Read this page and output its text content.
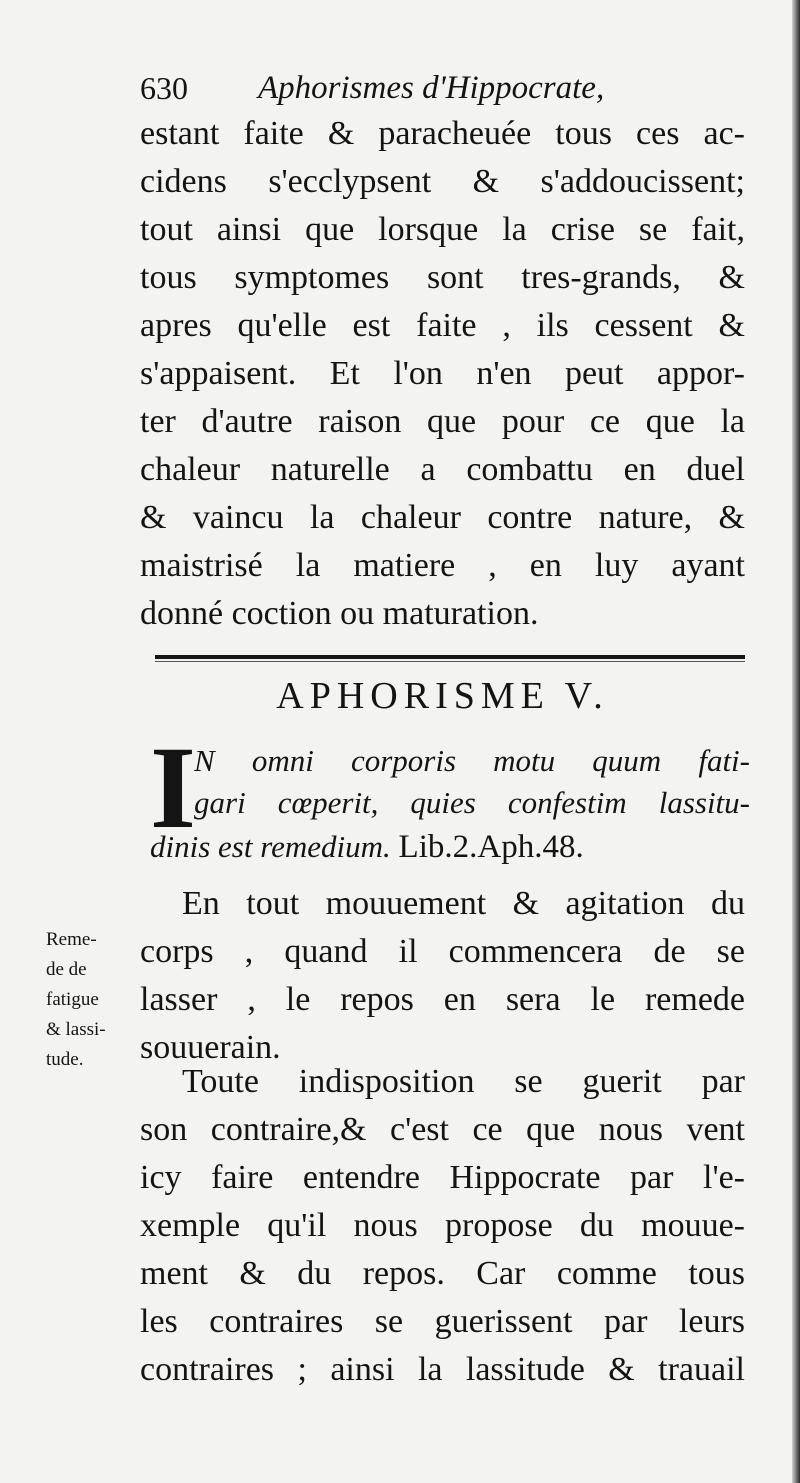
630 Aphorismes d'Hippocrate,
estant faite & paracheuée tous ces ac-
cidens s'ecclypsent & s'addoucissent;
tout ainsi que lorsque la crise se fait,
tous symptomes sont tres-grands, &
apres qu'elle est faite , ils cessent &
s'appaisent. Et l'on n'en peut appor-
ter d'autre raison que pour ce que la
chaleur naturelle a combattu en duel
& vaincu la chaleur contre nature, &
maistrisé la matiere , en luy ayant
donné coction ou maturation.
APHORISME V.
I
N omni corporis motu quum fati-
gari cœperit, quies confestim lassitu-
dinis est remedium. Lib.2.Aph.48.
En tout mouuement & agitation du
corps , quand il commencera de se
lasser , le repos en sera le remede
souuerain.
Reme-
de de
fatigue
& lassi-
tude.
Toute indisposition se guerit par
son contraire,& c'est ce que nous vent
icy faire entendre Hippocrate par l'e-
xemple qu'il nous propose du mouue-
ment & du repos. Car comme tous
les contraires se guerissent par leurs
contraires ; ainsi la lassitude & trauail
